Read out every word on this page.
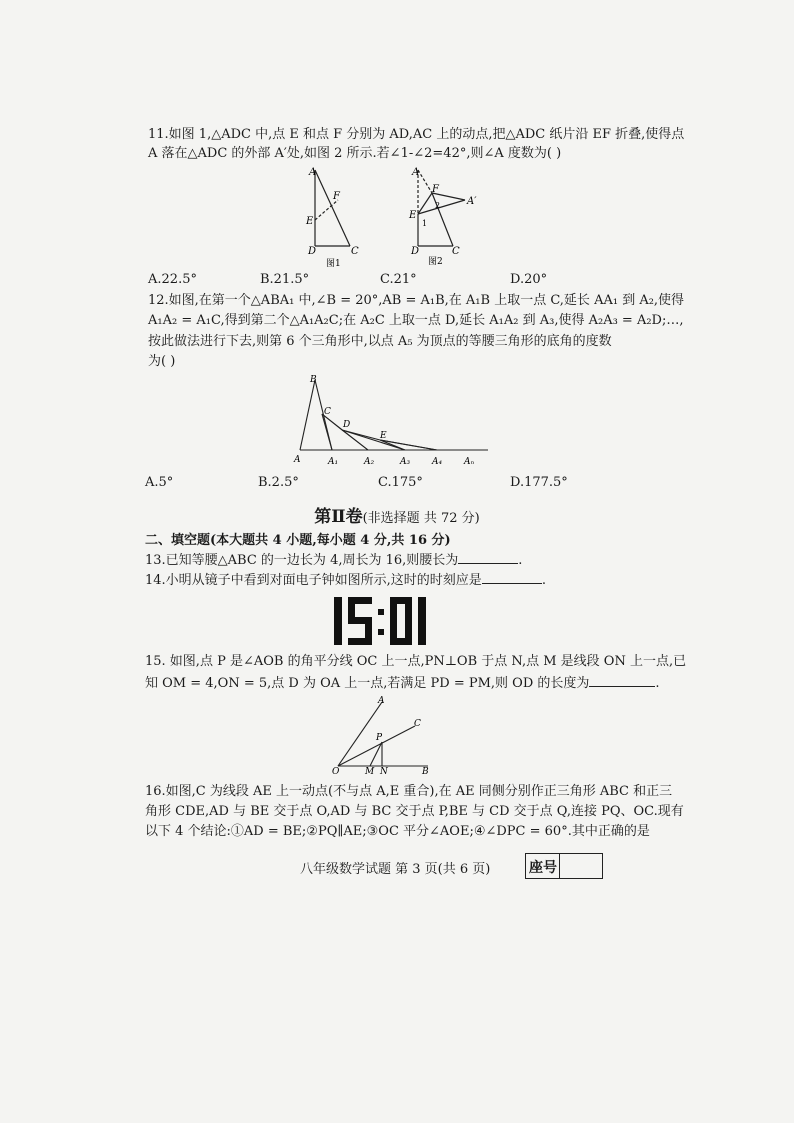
11.如图 1,△ADC 中,点 E 和点 F 分别为 AD,AC 上的动点,把△ADC 纸片沿 EF 折叠,使得点
A 落在△ADC 的外部 A′处,如图 2 所示.若∠1-∠2=42°,则∠A 度数为( )
A
F
E
D	C
图1
A
F
E
A′
1
2
D	C
图2
A.22.5°	B.21.5°	C.21°	D.20°
12.如图,在第一个△ABA₁ 中,∠B = 20°,AB = A₁B,在 A₁B 上取一点 C,延长 AA₁ 到 A₂,使得
A₁A₂ = A₁C,得到第二个△A₁A₂C;在 A₂C 上取一点 D,延长 A₁A₂ 到 A₃,使得 A₂A₃ = A₂D;…,
按此做法进行下去,则第 6 个三角形中,以点 A₅ 为顶点的等腰三角形的底角的度数
为( )
B
C
D
E
A	A₁	A₂	A₃ A₄ Aₙ
A.5°	B.2.5°	C.175°	D.177.5°
第Ⅱ卷(非选择题 共 72 分)
二、填空题(本大题共 4 小题,每小题 4 分,共 16 分)
13.已知等腰△ABC 的一边长为 4,周长为 16,则腰长为	.
14.小明从镜子中看到对面电子钟如图所示,这时的时刻应是	.
15. 如图,点 P 是∠AOB 的角平分线 OC 上一点,PN⊥OB 于点 N,点 M 是线段 ON 上一点,已
知 OM = 4,ON = 5,点 D 为 OA 上一点,若满足 PD = PM,则 OD 的长度为	.
A
C
P
O	M N	B
16.如图,C 为线段 AE 上一动点(不与点 A,E 重合),在 AE 同侧分别作正三角形 ABC 和正三
角形 CDE,AD 与 BE 交于点 O,AD 与 BC 交于点 P,BE 与 CD 交于点 Q,连接 PQ、OC.现有
以下 4 个结论:①AD = BE;②PQ∥AE;③OC 平分∠AOE;④∠DPC = 60°.其中正确的是
八年级数学试题 第 3 页(共 6 页)	座号
